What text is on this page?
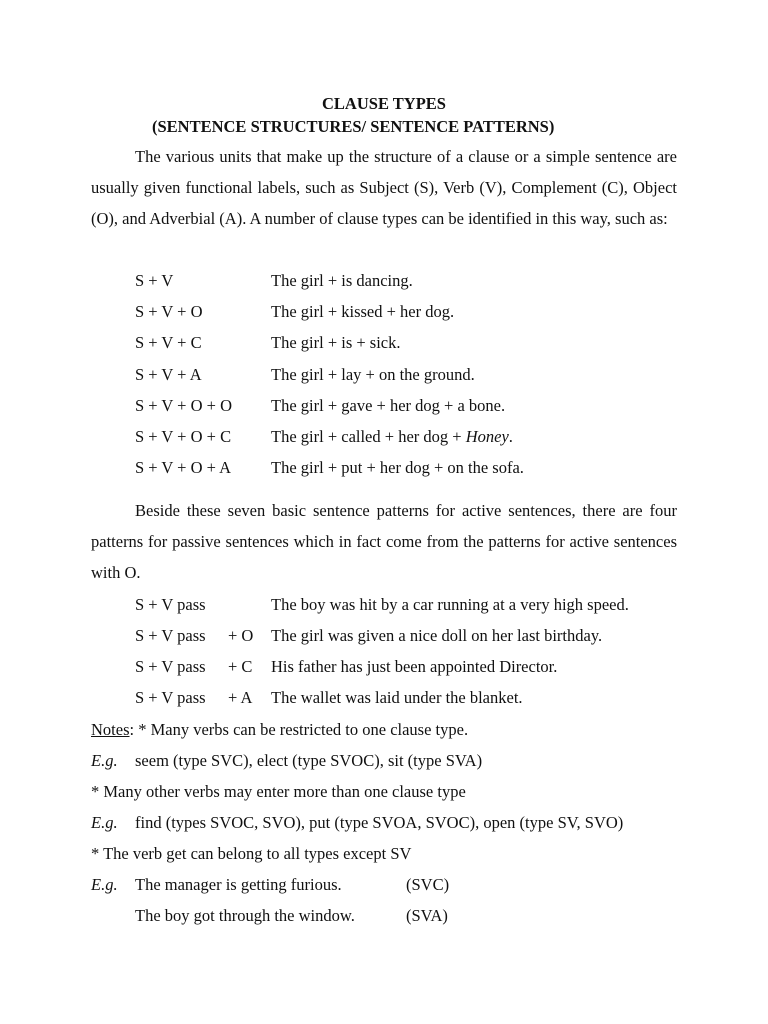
CLAUSE TYPES
(SENTENCE STRUCTURES/ SENTENCE PATTERNS)

The various units that make up the structure of a clause or a simple sentence are usually given functional labels, such as Subject (S), Verb (V), Complement (C), Object (O), and Adverbial (A). A number of clause types can be identified in this way, such as:

S + V	The girl + is dancing.
S + V + O	The girl + kissed + her dog.
S + V + C	The girl + is + sick.
S + V + A	The girl + lay + on the ground.
S + V + O + O The girl + gave + her dog + a bone.
S + V + O + C The girl + called + her dog + Honey.
S + V + O + A The girl + put + her dog + on the sofa.

Beside these seven basic sentence patterns for active sentences, there are four patterns for passive sentences which in fact come from the patterns for active sentences with O.

S + V pass	The boy was hit by a car running at a very high speed.
S + V pass + O The girl was given a nice doll on her last birthday.
S + V pass + C His father has just been appointed Director.
S + V pass + A The wallet was laid under the blanket.
Notes: * Many verbs can be restricted to one clause type.
E.g. seem (type SVC), elect (type SVOC), sit (type SVA)
* Many other verbs may enter more than one clause type
E.g. find (types SVOC, SVO), put (type SVOA, SVOC), open (type SV, SVO)
* The verb get can belong to all types except SV
E.g. The manager is getting furious.	(SVC)
The boy got through the window.	(SVA)
